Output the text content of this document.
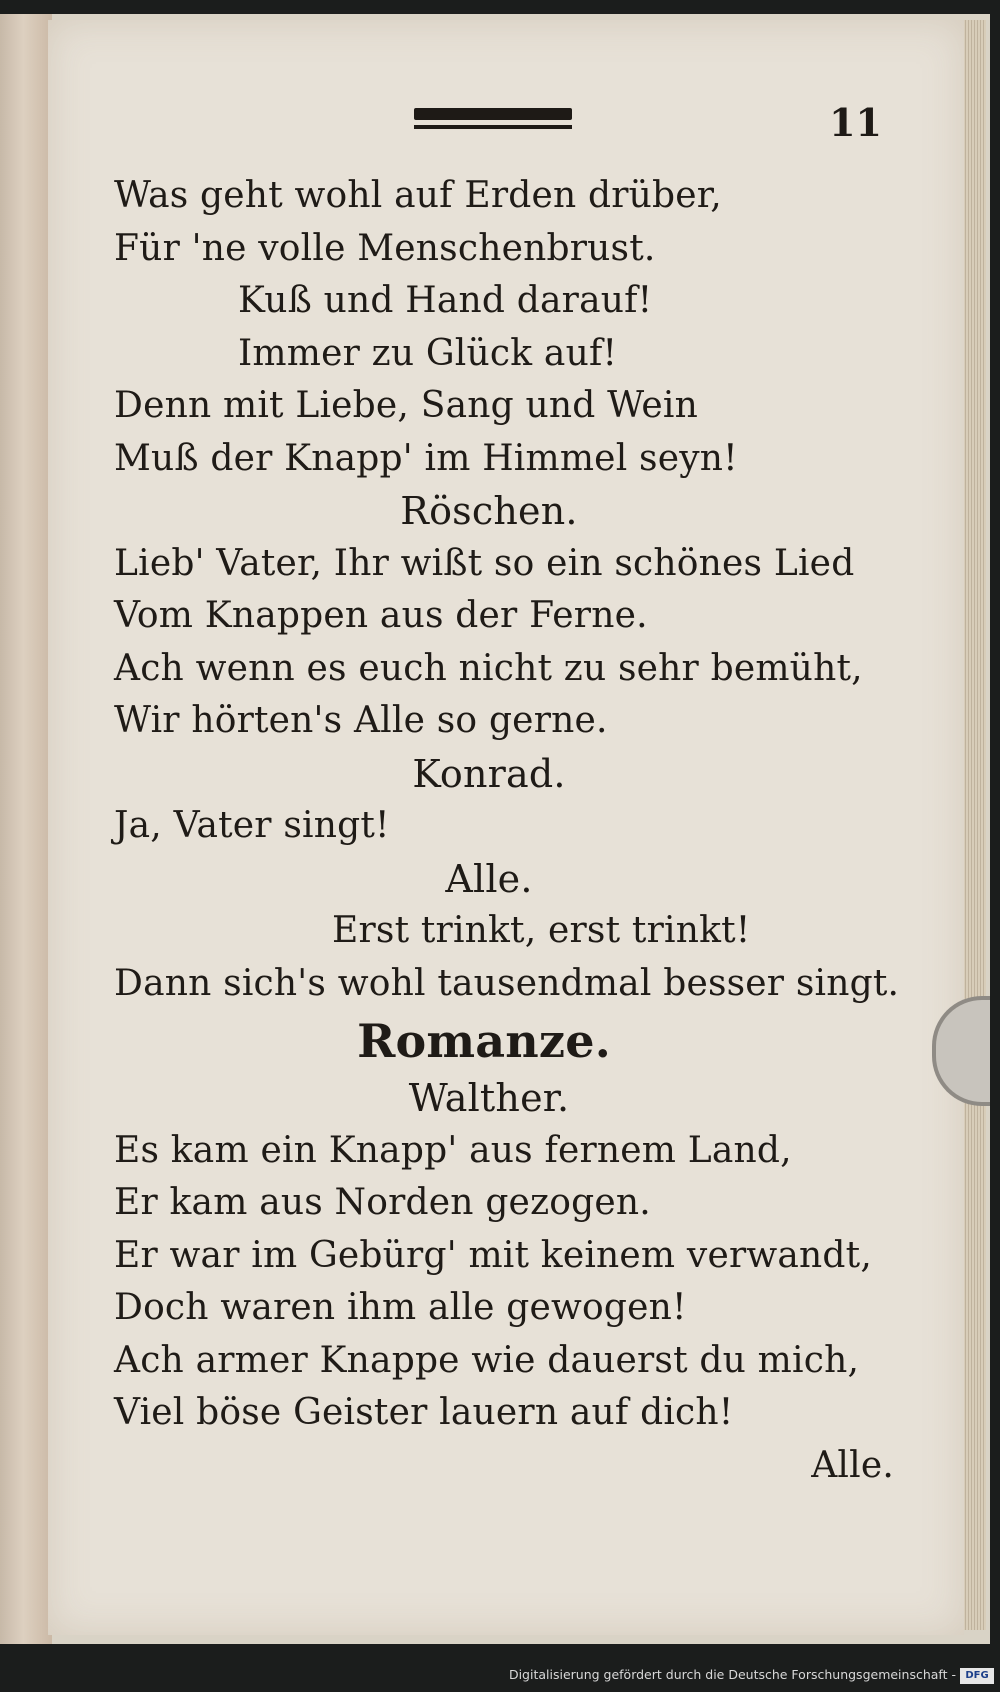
11
Was geht wohl auf Erden drüber,
Für 'ne volle Menschenbrust.
Kuß und Hand darauf!
Immer zu Glück auf!
Denn mit Liebe, Sang und Wein
Muß der Knapp' im Himmel seyn!
Röschen.
Lieb' Vater, Ihr wißt so ein schönes Lied
Vom Knappen aus der Ferne.
Ach wenn es euch nicht zu sehr bemüht,
Wir hörten's Alle so gerne.
Konrad.
Ja, Vater singt!
Alle.
Erst trinkt, erst trinkt!
Dann sich's wohl tausendmal besser singt.
Romanze.
Walther.
Es kam ein Knapp' aus fernem Land,
Er kam aus Norden gezogen.
Er war im Gebürg' mit keinem verwandt,
Doch waren ihm alle gewogen!
Ach armer Knappe wie dauerst du mich,
Viel böse Geister lauern auf dich!
Alle.
Digitalisierung gefördert durch die Deutsche Forschungsgemeinschaft - DFG
